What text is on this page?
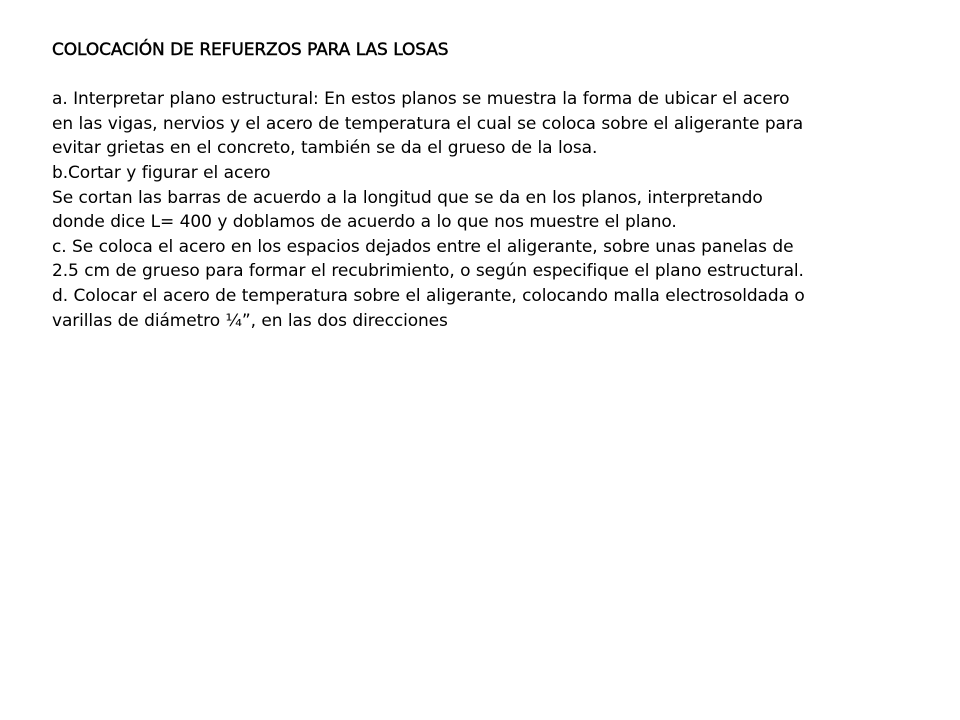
COLOCACIÓN DE REFUERZOS PARA LAS LOSAS
a. Interpretar plano estructural: En estos planos se muestra la forma de ubicar el acero
en las vigas, nervios y el acero de temperatura el cual se coloca sobre el aligerante para
evitar grietas en el concreto, también se da el grueso de la losa.
b.Cortar y figurar el acero
Se cortan las barras de acuerdo a la longitud que se da en los planos, interpretando
donde dice L= 400 y doblamos de acuerdo a lo que nos muestre el plano.
c. Se coloca el acero en los espacios dejados entre el aligerante, sobre unas panelas de
2.5 cm de grueso para formar el recubrimiento, o según especifique el plano estructural.
d. Colocar el acero de temperatura sobre el aligerante, colocando malla electrosoldada o
varillas de diámetro ¼”, en las dos direcciones
